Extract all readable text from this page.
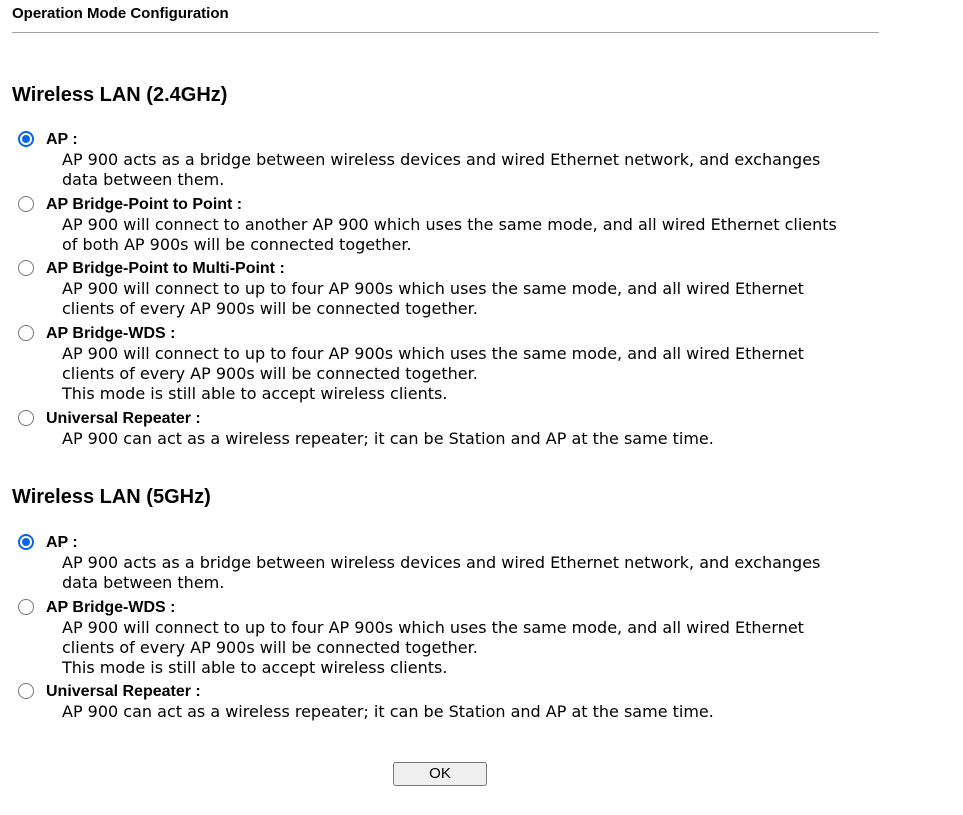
Operation Mode Configuration
Wireless LAN (2.4GHz)
AP :
AP 900 acts as a bridge between wireless devices and wired Ethernet network, and exchanges
data between them.
AP Bridge-Point to Point :
AP 900 will connect to another AP 900 which uses the same mode, and all wired Ethernet clients
of both AP 900s will be connected together.
AP Bridge-Point to Multi-Point :
AP 900 will connect to up to four AP 900s which uses the same mode, and all wired Ethernet
clients of every AP 900s will be connected together.
AP Bridge-WDS :
AP 900 will connect to up to four AP 900s which uses the same mode, and all wired Ethernet
clients of every AP 900s will be connected together.
This mode is still able to accept wireless clients.
Universal Repeater :
AP 900 can act as a wireless repeater; it can be Station and AP at the same time.
Wireless LAN (5GHz)
AP :
AP 900 acts as a bridge between wireless devices and wired Ethernet network, and exchanges
data between them.
AP Bridge-WDS :
AP 900 will connect to up to four AP 900s which uses the same mode, and all wired Ethernet
clients of every AP 900s will be connected together.
This mode is still able to accept wireless clients.
Universal Repeater :
AP 900 can act as a wireless repeater; it can be Station and AP at the same time.
OK
